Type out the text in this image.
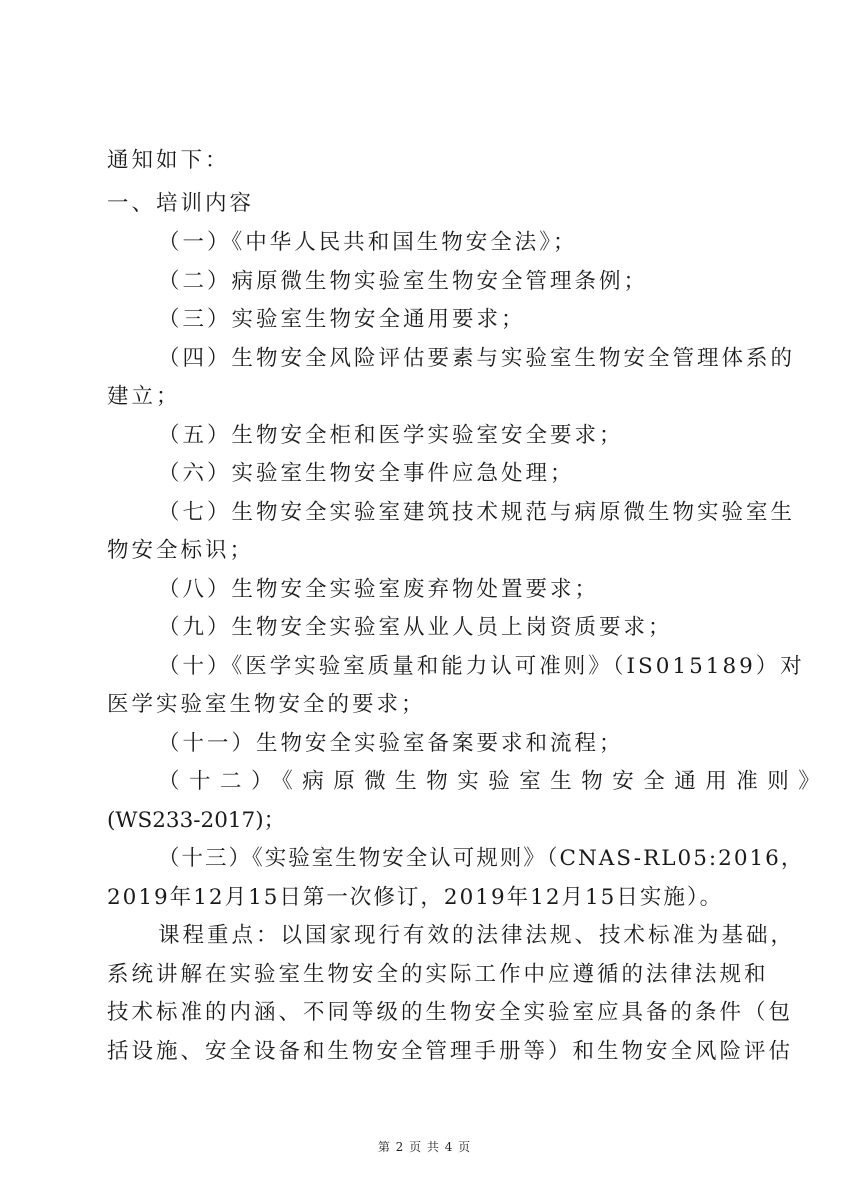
通知如下：
一、培训内容
（一）《中华人民共和国生物安全法》；
（二）病原微生物实验室生物安全管理条例；
（三）实验室生物安全通用要求；
（四）生物安全风险评估要素与实验室生物安全管理体系的
建立；
（五）生物安全柜和医学实验室安全要求；
（六）实验室生物安全事件应急处理；
（七）生物安全实验室建筑技术规范与病原微生物实验室生
物安全标识；
（八）生物安全实验室废弃物处置要求；
（九）生物安全实验室从业人员上岗资质要求；
（十）《医学实验室质量和能力认可准则》（IS015189）对
医学实验室生物安全的要求；
（十一）生物安全实验室备案要求和流程；
（十二）《病原微生物实验室生物安全通用准则》
(WS233-2017)；
（十三）《实验室生物安全认可规则》（CNAS-RL05:2016，
2019年12月15日第一次修订，2019年12月15日实施）。
课程重点：以国家现行有效的法律法规、技术标准为基础，
系统讲解在实验室生物安全的实际工作中应遵循的法律法规和
技术标准的内涵、不同等级的生物安全实验室应具备的条件（包
括设施、安全设备和生物安全管理手册等）和生物安全风险评估
第 2 页 共 4 页
